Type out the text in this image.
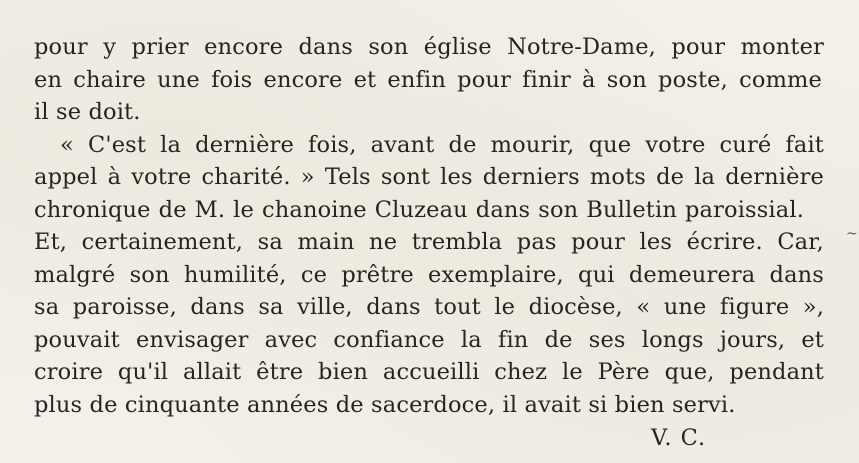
pour y prier encore dans son église Notre-Dame, pour monter
en chaire une fois encore et enfin pour finir à son poste, comme
il se doit.
« C'est la dernière fois, avant de mourir, que votre curé fait
appel à votre charité. » Tels sont les derniers mots de la dernière
chronique de M. le chanoine Cluzeau dans son Bulletin paroissial.
Et, certainement, sa main ne trembla pas pour les écrire. Car,
malgré son humilité, ce prêtre exemplaire, qui demeurera dans
sa paroisse, dans sa ville, dans tout le diocèse, « une figure »,
pouvait envisager avec confiance la fin de ses longs jours, et
croire qu'il allait être bien accueilli chez le Père que, pendant
plus de cinquante années de sacerdoce, il avait si bien servi.
V. C.
~
